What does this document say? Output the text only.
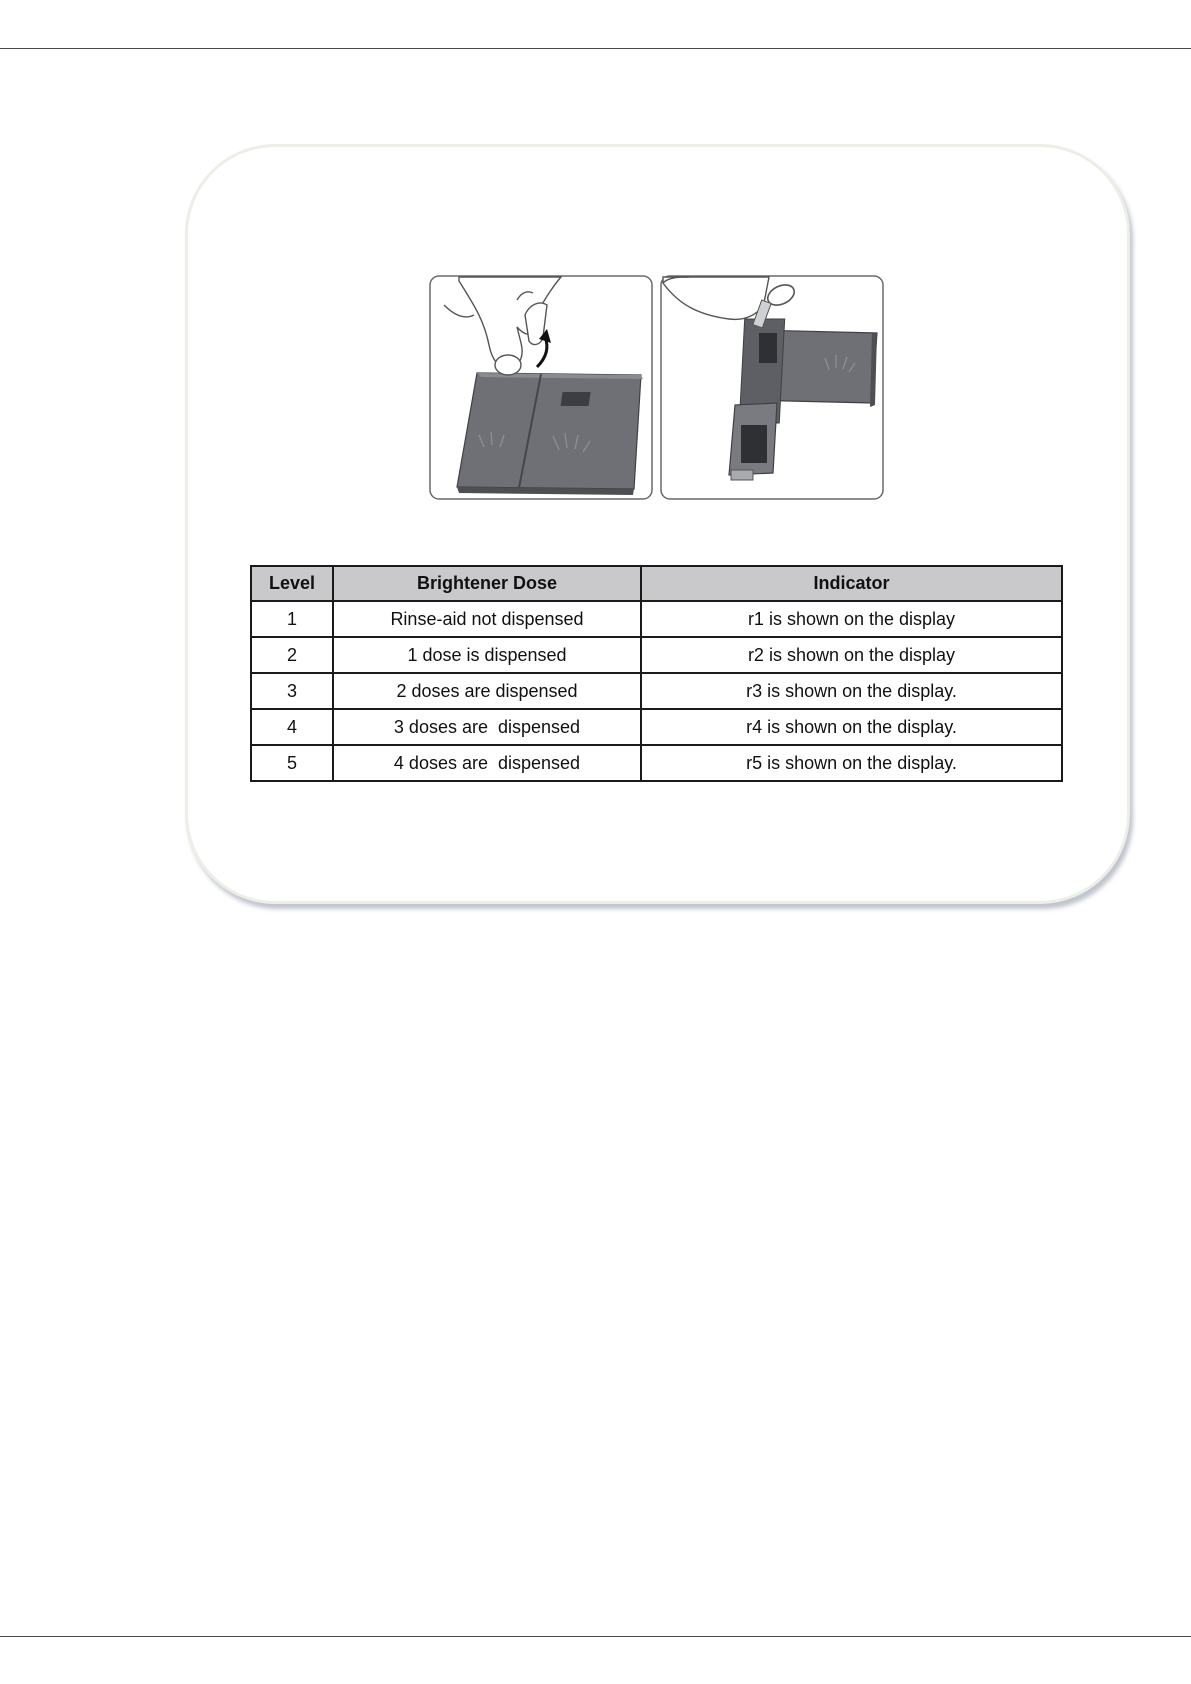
Level	Brightener Dose	Indicator
1	Rinse-aid not dispensed	r1 is shown on the display
2	1 dose is dispensed	r2 is shown on the display
3	2 doses are dispensed	r3 is shown on the display.
4	3 doses are  dispensed	r4 is shown on the display.
5	4 doses are  dispensed	r5 is shown on the display.
